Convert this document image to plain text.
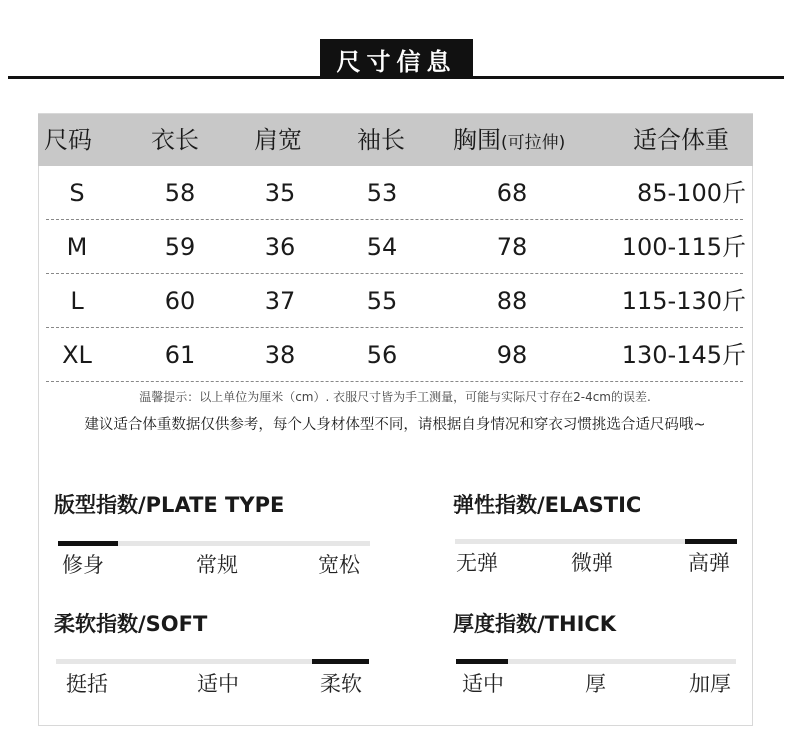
尺寸信息
尺码 衣长 肩宽 袖长 胸围(可拉伸)	适合体重
S	58	35	53	68	85-100斤
M	59	36	54	78	100-115斤
L	60	37	55	88	115-130斤
XL	61	38	56	98	130-145斤
温馨提示：以上单位为厘米（cm）. 衣服尺寸皆为手工测量，可能与实际尺寸存在2-4cm的误差.
建议适合体重数据仅供参考，每个人身材体型不同，请根据自身情况和穿衣习惯挑选合适尺码哦~
版型指数/PLATE TYPE
修身	常规	宽松
弹性指数/ELASTIC
无弹	微弹	高弹
柔软指数/SOFT
挺括	适中	柔软
厚度指数/THICK
适中	厚	加厚
